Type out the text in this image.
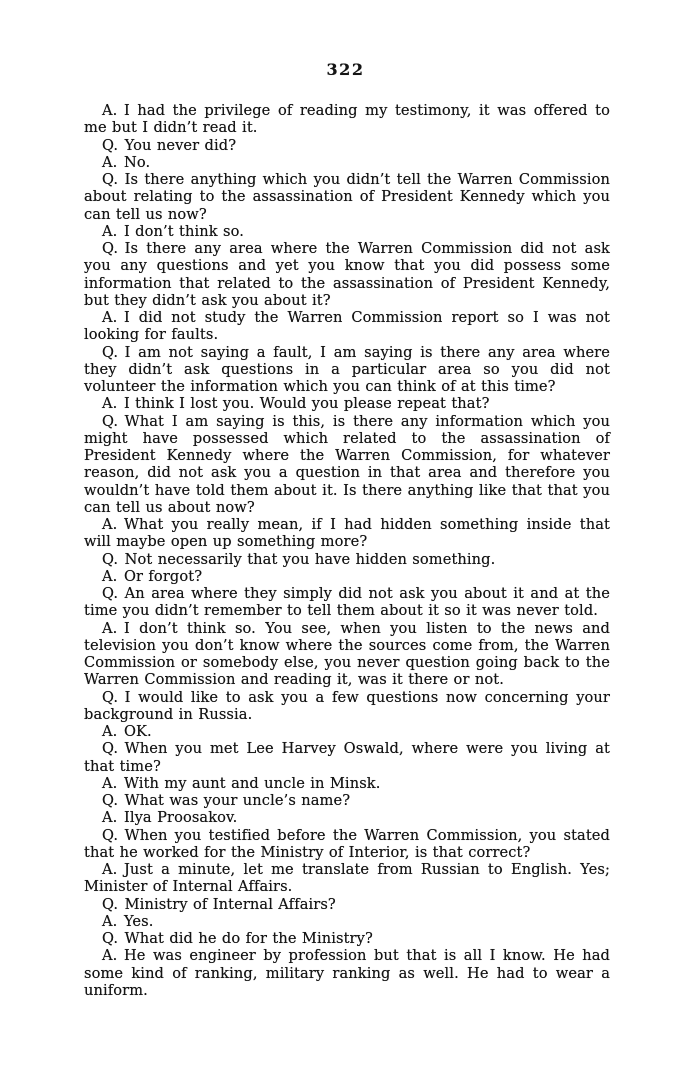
322

A. I had the privilege of reading my testimony, it was offered to me but I didn’t read it.

Q. You never did?

A. No.

Q. Is there anything which you didn’t tell the Warren Commission about relating to the assassination of President Kennedy which you can tell us now?

A. I don’t think so.

Q. Is there any area where the Warren Commission did not ask you any questions and yet you know that you did possess some information that related to the assassination of President Kennedy, but they didn’t ask you about it?

A. I did not study the Warren Commission report so I was not looking for faults.

Q. I am not saying a fault, I am saying is there any area where they didn’t ask questions in a particular area so you did not volunteer the information which you can think of at this time?

A. I think I lost you. Would you please repeat that?

Q. What I am saying is this, is there any information which you might have possessed which related to the assassination of President Kennedy where the Warren Commission, for whatever reason, did not ask you a question in that area and therefore you wouldn’t have told them about it. Is there anything like that that you can tell us about now?

A. What you really mean, if I had hidden something inside that will maybe open up something more?

Q. Not necessarily that you have hidden something.

A. Or forgot?

Q. An area where they simply did not ask you about it and at the time you didn’t remember to tell them about it so it was never told.

A. I don’t think so. You see, when you listen to the news and television you don’t know where the sources come from, the Warren Commission or somebody else, you never question going back to the Warren Commission and reading it, was it there or not.

Q. I would like to ask you a few questions now concerning your background in Russia.

A. OK.

Q. When you met Lee Harvey Oswald, where were you living at that time?

A. With my aunt and uncle in Minsk.

Q. What was your uncle’s name?

A. Ilya Proosakov.

Q. When you testified before the Warren Commission, you stated that he worked for the Ministry of Interior, is that correct?

A. Just a minute, let me translate from Russian to English. Yes; Minister of Internal Affairs.

Q. Ministry of Internal Affairs?

A. Yes.

Q. What did he do for the Ministry?

A. He was engineer by profession but that is all I know. He had some kind of ranking, military ranking as well. He had to wear a uniform.
